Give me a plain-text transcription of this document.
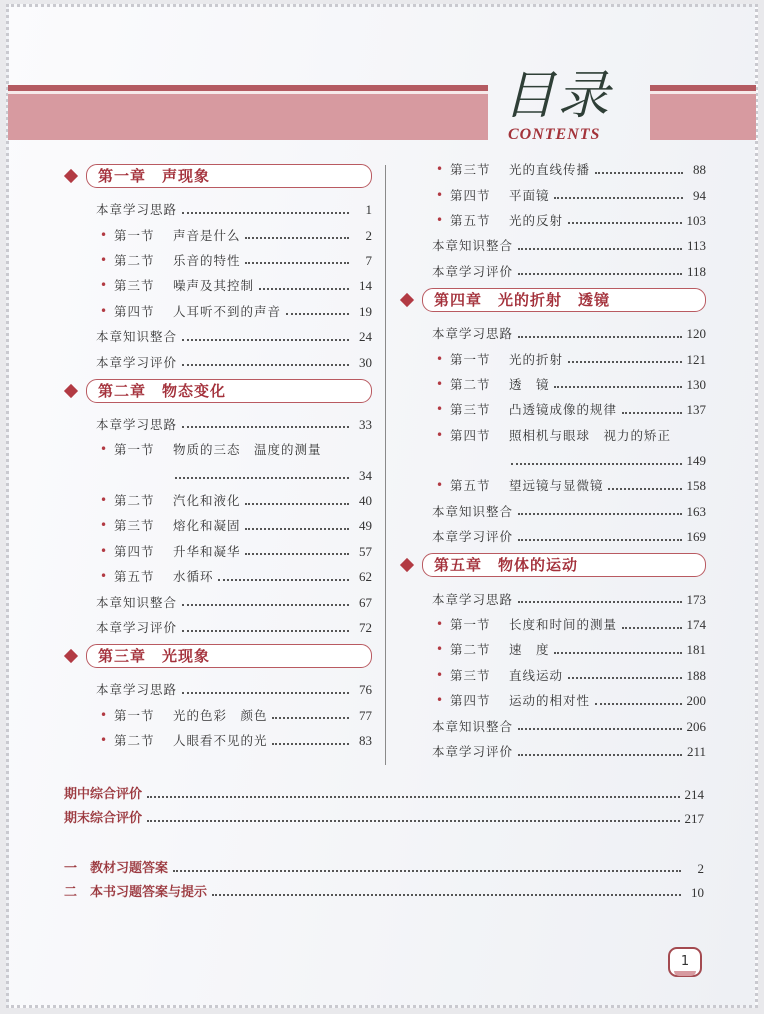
目录
CONTENTS
第一章　声现象
本章学习思路	1
• 第一节　 声音是什么	2
• 第二节　 乐音的特性	7
• 第三节　 噪声及其控制	14
• 第四节　 人耳听不到的声音	19
本章知识整合	24
本章学习评价	30
第二章　物态变化
本章学习思路	33
• 第一节　 物质的三态　温度的测量
34
• 第二节　 汽化和液化	40
• 第三节　 熔化和凝固	49
• 第四节　 升华和凝华	57
• 第五节　 水循环	62
本章知识整合	67
本章学习评价	72
第三章　光现象
本章学习思路	76
• 第一节　 光的色彩　颜色	77
• 第二节　 人眼看不见的光	83
• 第三节　 光的直线传播	88
• 第四节　 平面镜	94
• 第五节　 光的反射	103
本章知识整合	113
本章学习评价	118
第四章　光的折射　透镜
本章学习思路	120
• 第一节　 光的折射	121
• 第二节　 透　镜	130
• 第三节　 凸透镜成像的规律	137
• 第四节　 照相机与眼球　视力的矫正
149
• 第五节　 望远镜与显微镜	158
本章知识整合	163
本章学习评价	169
第五章　物体的运动
本章学习思路	173
• 第一节　 长度和时间的测量	174
• 第二节　 速　度	181
• 第三节　 直线运动	188
• 第四节　 运动的相对性	200
本章知识整合	206
本章学习评价	211
期中综合评价	214
期末综合评价	217
一　教材习题答案	2
二　本书习题答案与提示	10
1
